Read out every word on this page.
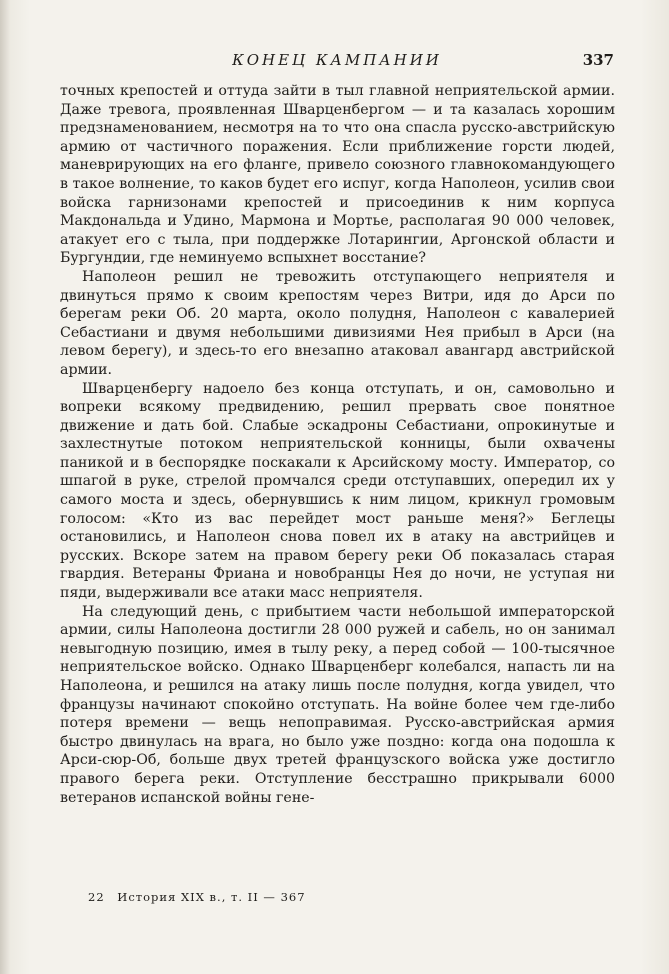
КОНЕЦ КАМПАНИИ	337

точных крепостей и оттуда зайти в тыл главной неприятельской армии. Даже тревога, проявленная Шварценбергом — и та казалась хорошим предзнаменованием, несмотря на то что она спасла русско-австрийскую армию от частичного поражения. Если приближение горсти людей, маневрирующих на его фланге, привело союзного главнокомандующего в такое волнение, то каков будет его испуг, когда Наполеон, усилив свои войска гарнизонами крепостей и присоединив к ним корпуса Макдональда и Удино, Мармона и Мортье, располагая 90 000 человек, атакует его с тыла, при поддержке Лотарингии, Аргонской области и Бургундии, где неминуемо вспыхнет восстание?

Наполеон решил не тревожить отступающего неприятеля и двинуться прямо к своим крепостям через Витри, идя до Арси по берегам реки Об. 20 марта, около полудня, Наполеон с кавалерией Себастиани и двумя небольшими дивизиями Нея прибыл в Арси (на левом берегу), и здесь-то его внезапно атаковал авангард австрийской армии.

Шварценбергу надоело без конца отступать, и он, самовольно и вопреки всякому предвидению, решил прервать свое понятное движение и дать бой. Слабые эскадроны Себастиани, опрокинутые и захлестнутые потоком неприятельской конницы, были охвачены паникой и в беспорядке поскакали к Арсийскому мосту. Император, со шпагой в руке, стрелой промчался среди отступавших, опередил их у самого моста и здесь, обернувшись к ним лицом, крикнул громовым голосом: «Кто из вас перейдет мост раньше меня?» Беглецы остановились, и Наполеон снова повел их в атаку на австрийцев и русских. Вскоре затем на правом берегу реки Об показалась старая гвардия. Ветераны Фриана и новобранцы Нея до ночи, не уступая ни пяди, выдерживали все атаки масс неприятеля.

На следующий день, с прибытием части небольшой императорской армии, силы Наполеона достигли 28 000 ружей и сабель, но он занимал невыгодную позицию, имея в тылу реку, а перед собой — 100-тысячное неприятельское войско. Однако Шварценберг колебался, напасть ли на Наполеона, и решился на атаку лишь после полудня, когда увидел, что французы начинают спокойно отступать. На войне более чем где-либо потеря времени — вещь непоправимая. Русско-австрийская армия быстро двинулась на врага, но было уже поздно: когда она подошла к Арси-сюр-Об, больше двух третей французского войска уже достигло правого берега реки. Отступление бесстрашно прикрывали 6000 ветеранов испанской войны гене-

22 История XIX в., т. II — 367
